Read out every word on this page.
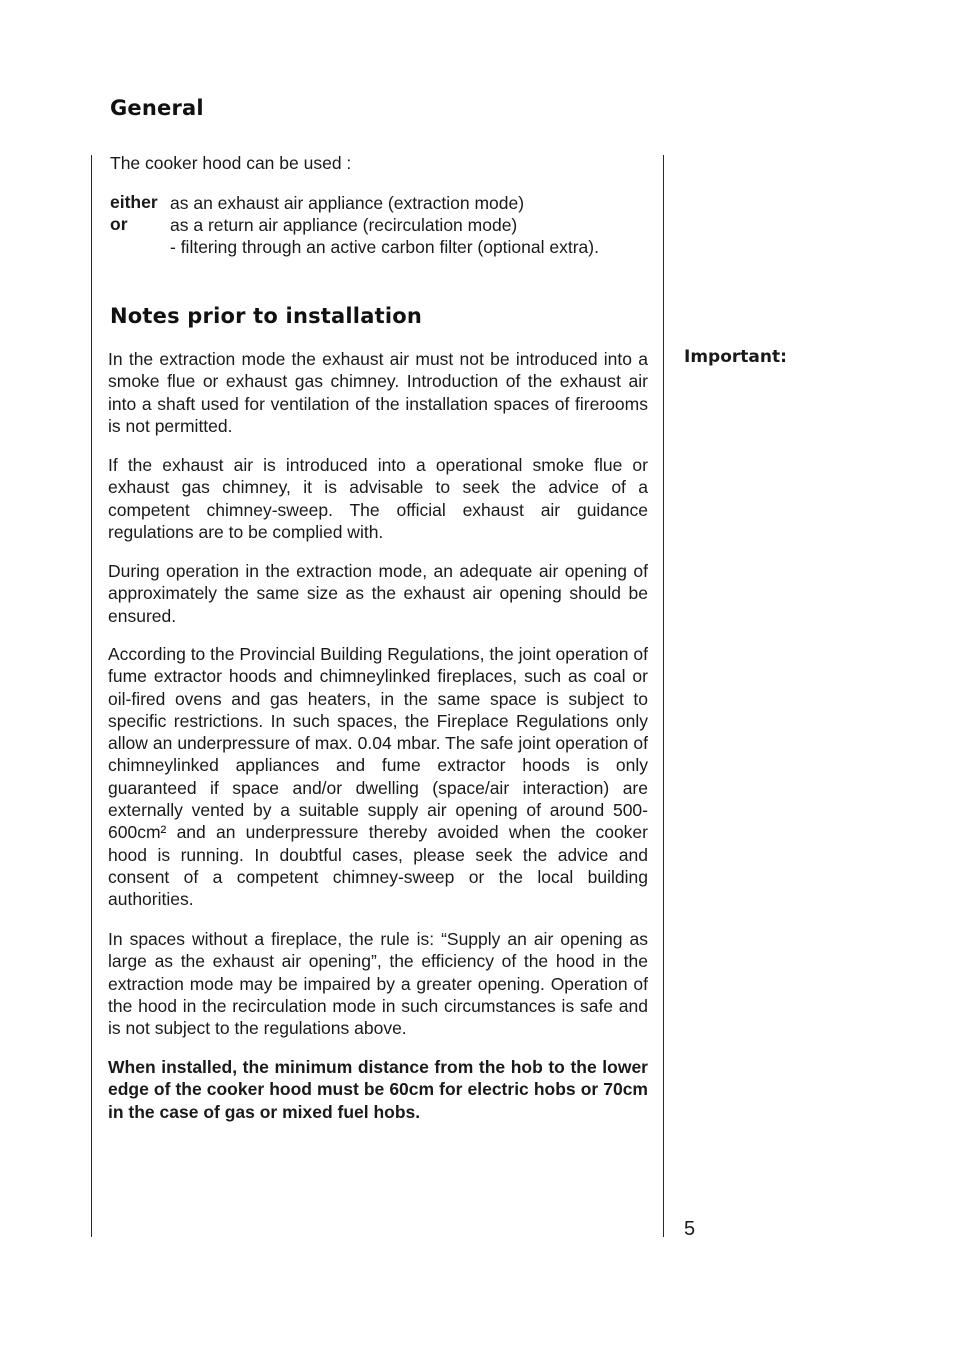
General
The cooker hood can be used :
either as an exhaust air appliance (extraction mode)
or as a return air appliance (recirculation mode)
- filtering through an active carbon filter (optional extra).
Notes prior to installation
In the extraction mode the exhaust air must not be introduced into a smoke flue or exhaust gas chimney. Introduction of the exhaust air into a shaft used for ventilation of the installation spaces of firerooms is not permitted.
If the exhaust air is introduced into a operational smoke flue or exhaust gas chimney, it is advisable to seek the advice of a competent chimney-sweep. The official exhaust air guidance regulations are to be complied with.
During operation in the extraction mode, an adequate air opening of approximately the same size as the exhaust air opening should be ensured.
According to the Provincial Building Regulations, the joint operation of fume extractor hoods and chimneylinked fireplaces, such as coal or oil-fired ovens and gas heaters, in the same space is subject to specific restrictions. In such spaces, the Fireplace Regulations only allow an underpressure of max. 0.04 mbar. The safe joint operation of chimneylinked appliances and fume extractor hoods is only guaranteed if space and/or dwelling (space/air interaction) are externally vented by a suitable supply air opening of around 500-600cm² and an underpressure thereby avoided when the cooker hood is running. In doubtful cases, please seek the advice and consent of a competent chimney-sweep or the local building authorities.
In spaces without a fireplace, the rule is: “Supply an air opening as large as the exhaust air opening”, the efficiency of the hood in the extraction mode may be impaired by a greater opening. Operation of the hood in the recirculation mode in such circumstances is safe and is not subject to the regulations above.
When installed, the minimum distance from the hob to the lower edge of the cooker hood must be 60cm for electric hobs or 70cm in the case of gas or mixed fuel hobs.
Important:
5
